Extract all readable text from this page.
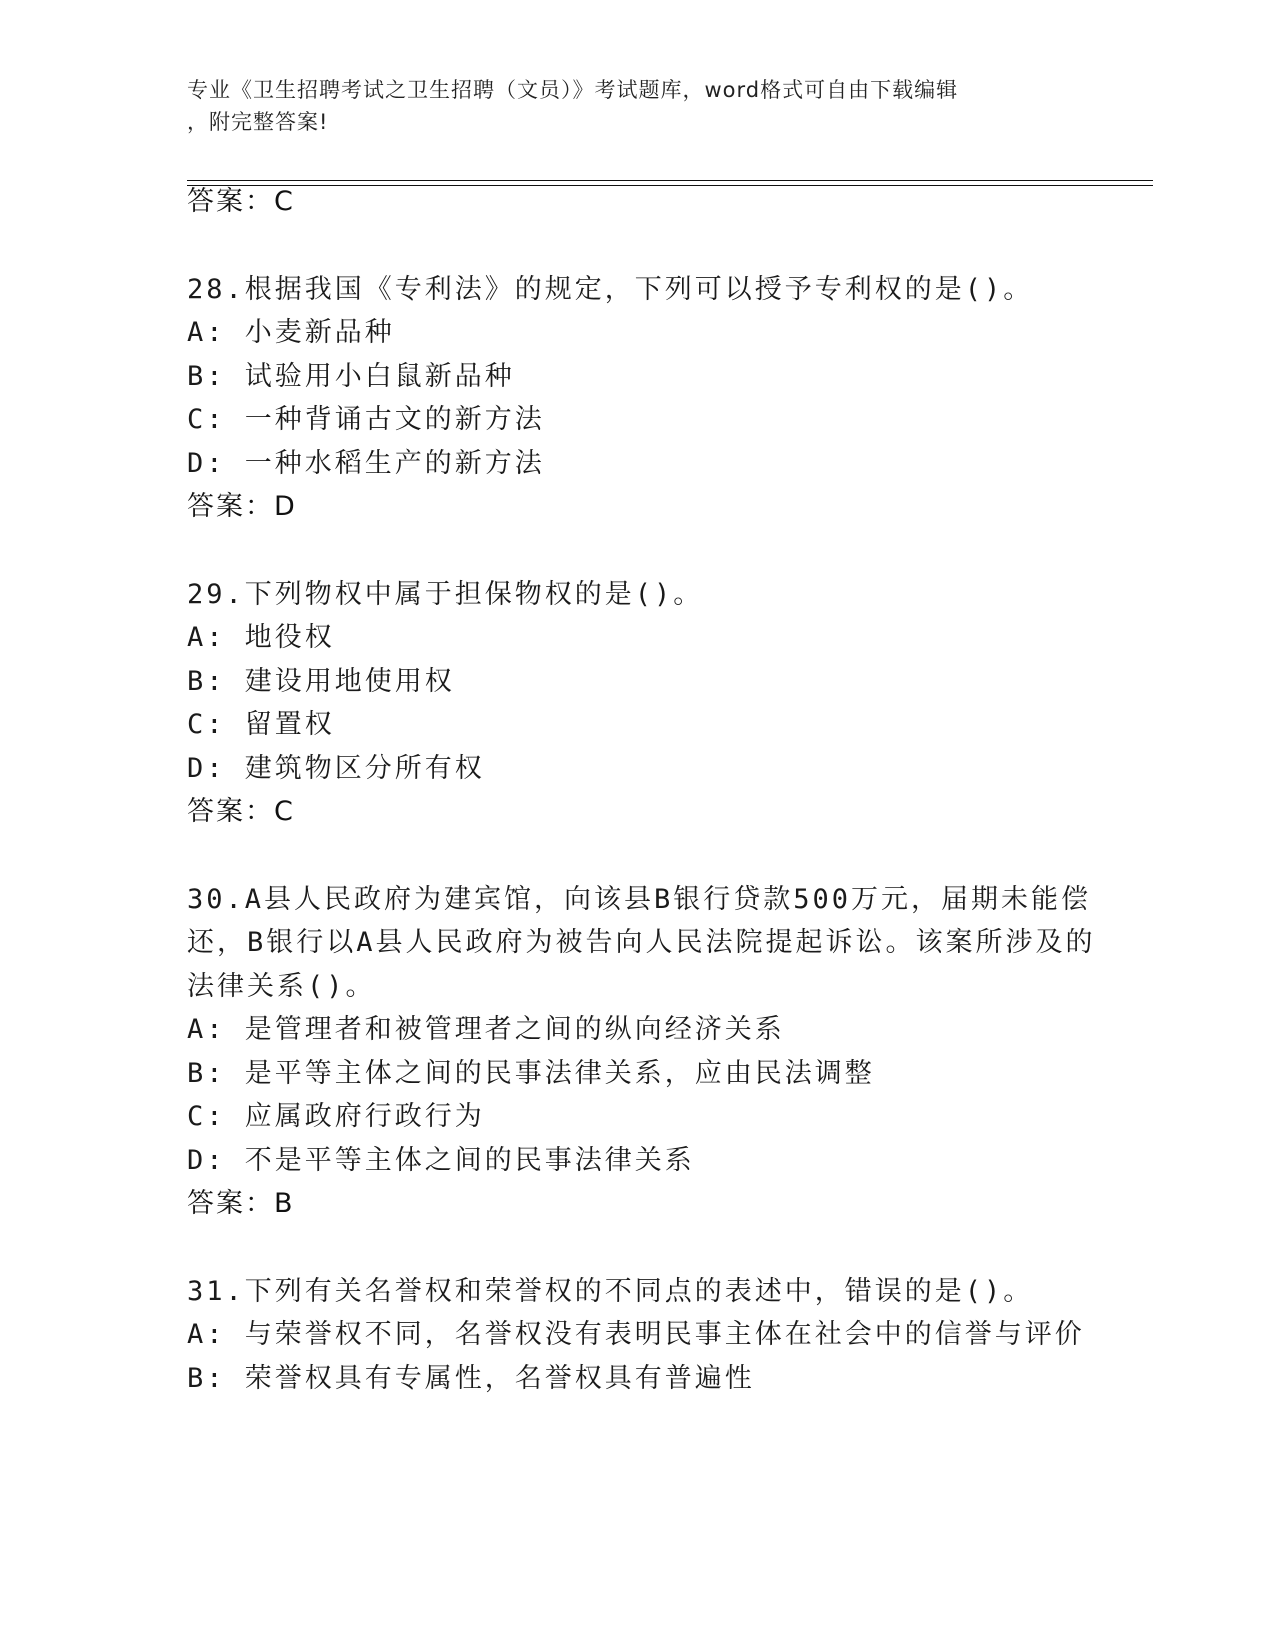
专业《卫生招聘考试之卫生招聘（文员）》考试题库，word格式可自由下载编辑
，附完整答案!
答案：C
28.根据我国《专利法》的规定，下列可以授予专利权的是()。
A: 小麦新品种
B: 试验用小白鼠新品种
C: 一种背诵古文的新方法
D: 一种水稻生产的新方法
答案：D
29.下列物权中属于担保物权的是()。
A: 地役权
B: 建设用地使用权
C: 留置权
D: 建筑物区分所有权
答案：C
30.A县人民政府为建宾馆，向该县B银行贷款500万元，届期未能偿
还，B银行以A县人民政府为被告向人民法院提起诉讼。该案所涉及的
法律关系()。
A: 是管理者和被管理者之间的纵向经济关系
B: 是平等主体之间的民事法律关系，应由民法调整
C: 应属政府行政行为
D: 不是平等主体之间的民事法律关系
答案：B
31.下列有关名誉权和荣誉权的不同点的表述中，错误的是()。
A: 与荣誉权不同，名誉权没有表明民事主体在社会中的信誉与评价
B: 荣誉权具有专属性，名誉权具有普遍性
